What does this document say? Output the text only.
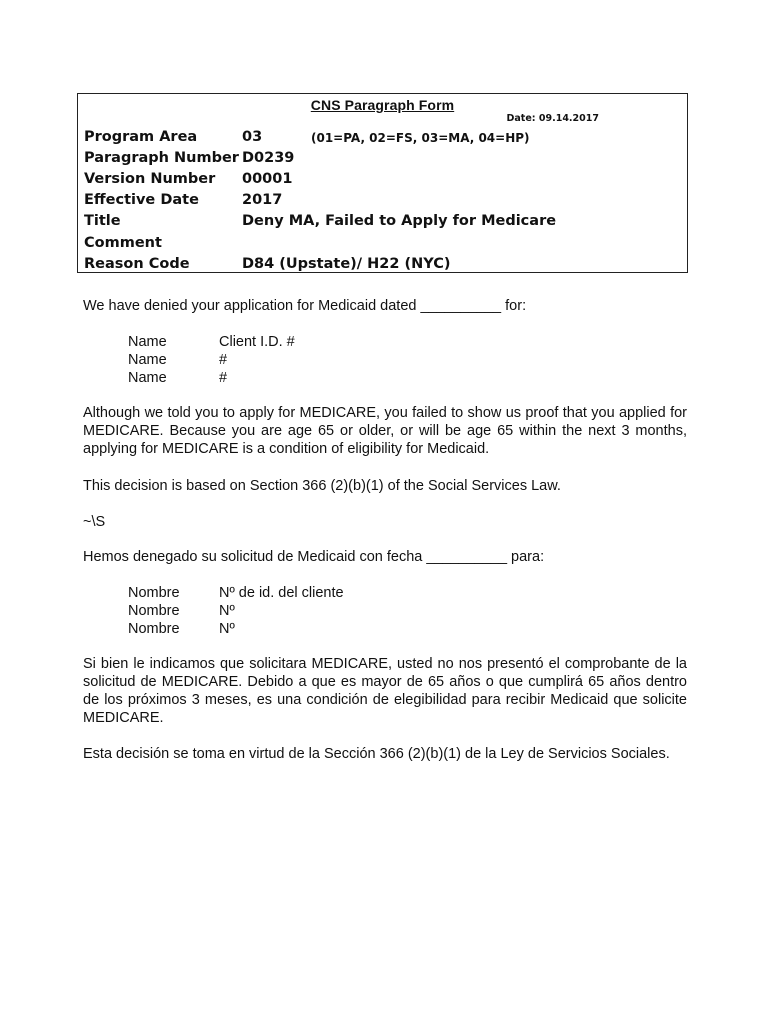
CNS Paragraph Form
Date: 09.14.2017
Program Area	03	(01=PA, 02=FS, 03=MA, 04=HP)
Paragraph Number D0239
Version Number 00001
Effective Date	2017
Title	Deny MA, Failed to Apply for Medicare
Comment
Reason Code	D84 (Upstate)/ H22 (NYC)

We have denied your application for Medicaid dated __________ for:

Name	Client I.D. #
Name	#
Name	#

Although we told you to apply for MEDICARE, you failed to show us proof that you applied for MEDICARE. Because you are age 65 or older, or will be age 65 within the next 3 months, applying for MEDICARE is a condition of eligibility for Medicaid.

This decision is based on Section 366 (2)(b)(1) of the Social Services Law.

~\S

Hemos denegado su solicitud de Medicaid con fecha __________ para:

Nombre	Nº de id. del cliente
Nombre	Nº
Nombre	Nº

Si bien le indicamos que solicitara MEDICARE, usted no nos presentó el comprobante de la solicitud de MEDICARE. Debido a que es mayor de 65 años o que cumplirá 65 años dentro de los próximos 3 meses, es una condición de elegibilidad para recibir Medicaid que solicite MEDICARE.

Esta decisión se toma en virtud de la Sección 366 (2)(b)(1) de la Ley de Servicios Sociales.
